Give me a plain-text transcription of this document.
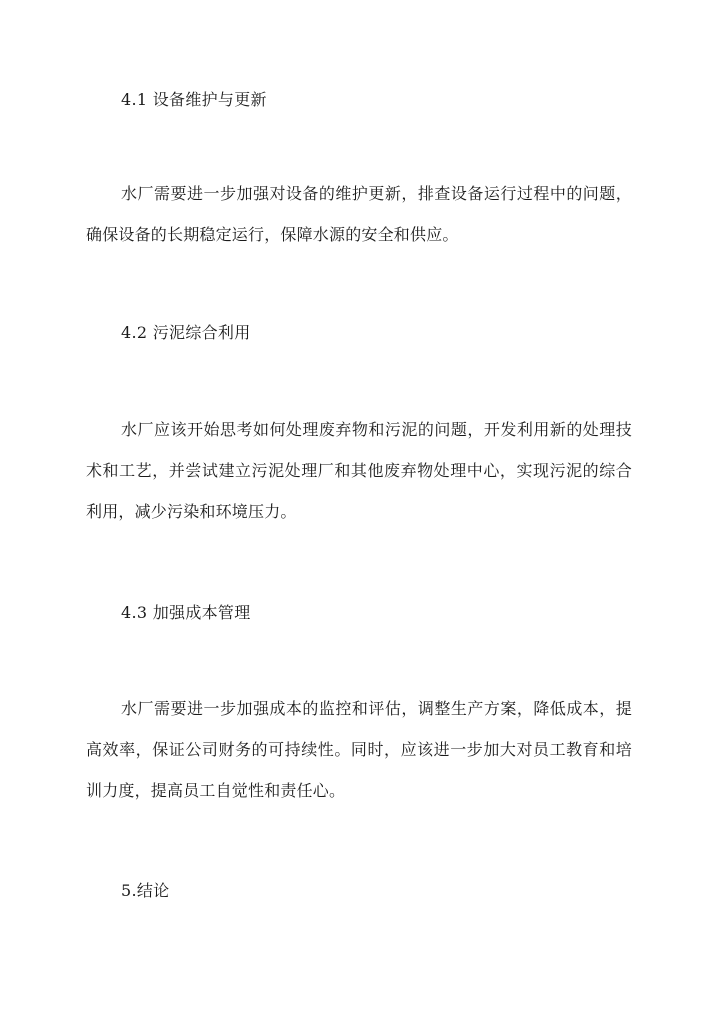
4.1 设备维护与更新

水厂需要进一步加强对设备的维护更新，排查设备运行过程中的问题，确保设备的长期稳定运行，保障水源的安全和供应。

4.2 污泥综合利用

水厂应该开始思考如何处理废弃物和污泥的问题，开发利用新的处理技术和工艺，并尝试建立污泥处理厂和其他废弃物处理中心，实现污泥的综合利用，减少污染和环境压力。

4.3 加强成本管理

水厂需要进一步加强成本的监控和评估，调整生产方案，降低成本，提高效率，保证公司财务的可持续性。同时，应该进一步加大对员工教育和培训力度，提高员工自觉性和责任心。

5.结论
